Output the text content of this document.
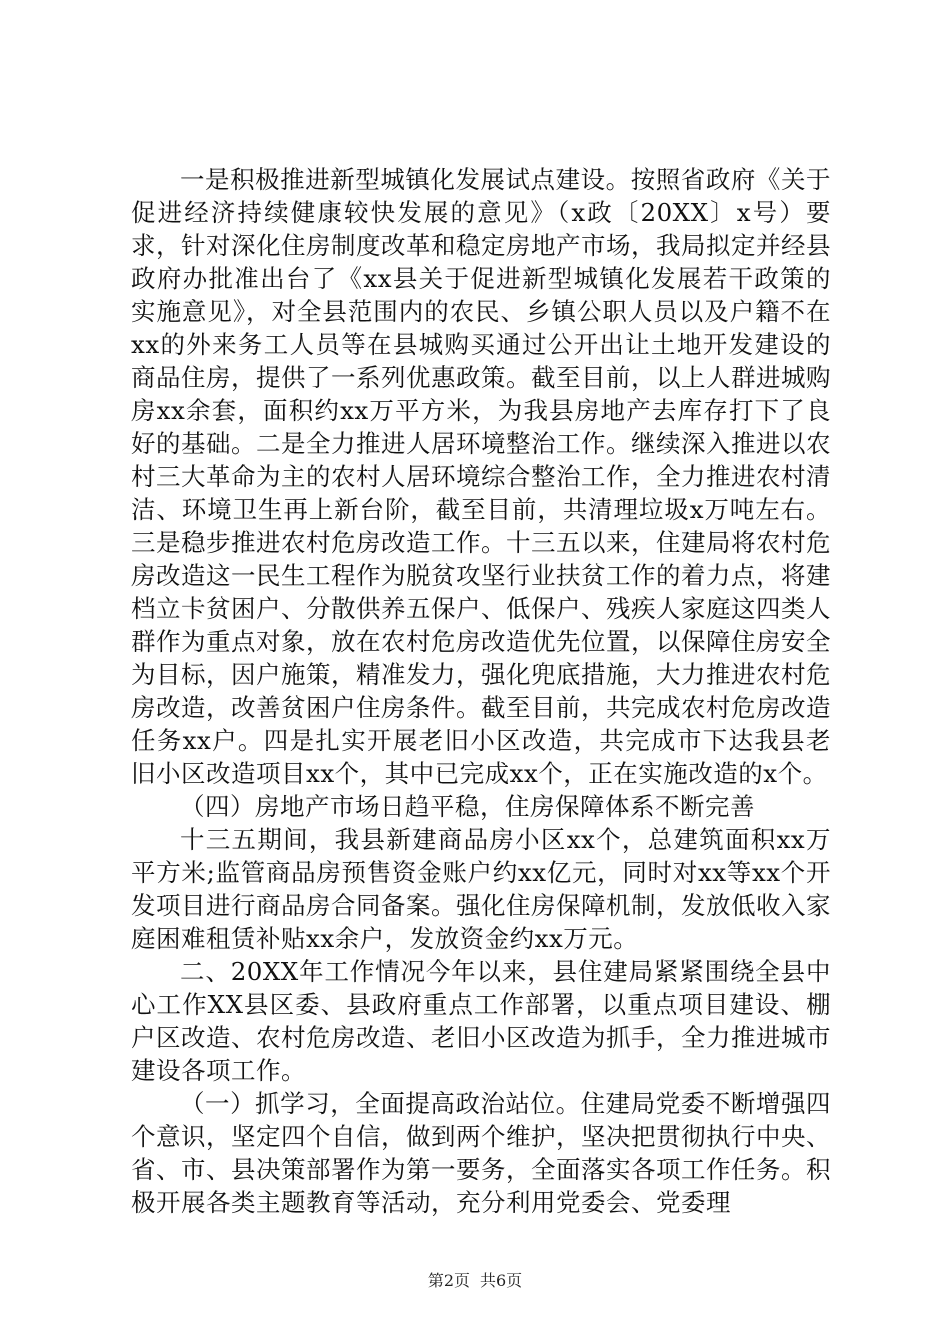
一是积极推进新型城镇化发展试点建设。按照省政府《关于促进经济持续健康较快发展的意见》（x政〔20XX〕x号）要求，针对深化住房制度改革和稳定房地产市场，我局拟定并经县政府办批准出台了《xx县关于促进新型城镇化发展若干政策的实施意见》，对全县范围内的农民、乡镇公职人员以及户籍不在xx的外来务工人员等在县城购买通过公开出让土地开发建设的商品住房，提供了一系列优惠政策。截至目前，以上人群进城购房xx余套，面积约xx万平方米，为我县房地产去库存打下了良好的基础。二是全力推进人居环境整治工作。继续深入推进以农村三大革命为主的农村人居环境综合整治工作，全力推进农村清洁、环境卫生再上新台阶，截至目前，共清理垃圾x万吨左右。三是稳步推进农村危房改造工作。十三五以来，住建局将农村危房改造这一民生工程作为脱贫攻坚行业扶贫工作的着力点，将建档立卡贫困户、分散供养五保户、低保户、残疾人家庭这四类人群作为重点对象，放在农村危房改造优先位置，以保障住房安全为目标，因户施策，精准发力，强化兜底措施，大力推进农村危房改造，改善贫困户住房条件。截至目前，共完成农村危房改造任务xx户。四是扎实开展老旧小区改造，共完成市下达我县老旧小区改造项目xx个，其中已完成xx个，正在实施改造的x个。

（四）房地产市场日趋平稳，住房保障体系不断完善

十三五期间，我县新建商品房小区xx个，总建筑面积xx万平方米;监管商品房预售资金账户约xx亿元，同时对xx等xx个开发项目进行商品房合同备案。强化住房保障机制，发放低收入家庭困难租赁补贴xx余户，发放资金约xx万元。

二、20XX年工作情况今年以来，县住建局紧紧围绕全县中心工作XX县区委、县政府重点工作部署，以重点项目建设、棚户区改造、农村危房改造、老旧小区改造为抓手，全力推进城市建设各项工作。

（一）抓学习，全面提高政治站位。住建局党委不断增强四个意识，坚定四个自信，做到两个维护，坚决把贯彻执行中央、省、市、县决策部署作为第一要务，全面落实各项工作任务。积极开展各类主题教育等活动，充分利用党委会、党委理

第2页 共6页
